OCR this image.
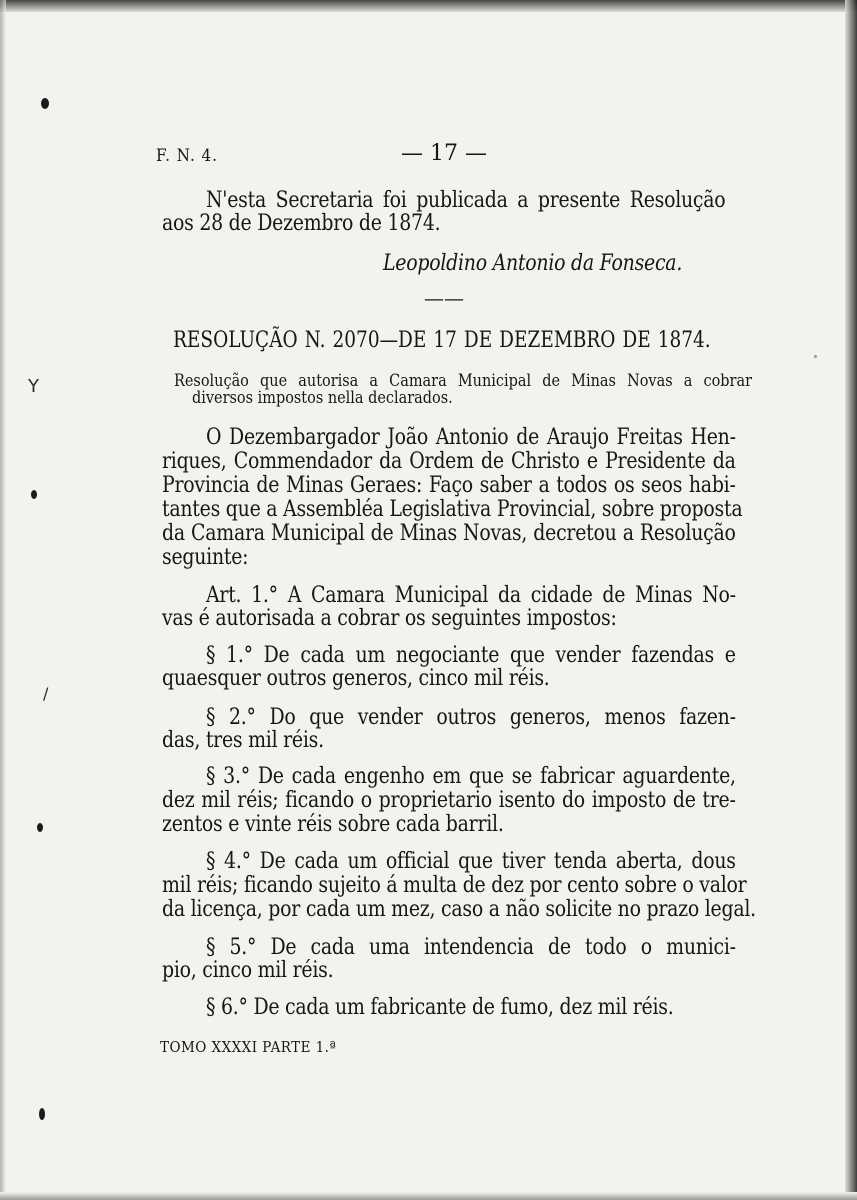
Y
/
F. N. 4.	— 17 —
N'esta Secretaria foi publicada a presente Resolução
aos 28 de Dezembro de 1874.
Leopoldino Antonio da Fonseca.
——
RESOLUÇÃO N. 2070—DE 17 DE DEZEMBRO DE 1874.
Resolução que autorisa a Camara Municipal de Minas Novas a cobrar
diversos impostos nella declarados.
O Dezembargador João Antonio de Araujo Freitas Hen-
riques, Commendador da Ordem de Christo e Presidente da
Provincia de Minas Geraes: Faço saber a todos os seos habi-
tantes que a Assembléa Legislativa Provincial, sobre proposta
da Camara Municipal de Minas Novas, decretou a Resolução
seguinte:
Art. 1.° A Camara Municipal da cidade de Minas No-
vas é autorisada a cobrar os seguintes impostos:
§ 1.° De cada um negociante que vender fazendas e
quaesquer outros generos, cinco mil réis.
§ 2.° Do que vender outros generos, menos fazen-
das, tres mil réis.
§ 3.° De cada engenho em que se fabricar aguardente,
dez mil réis; ficando o proprietario isento do imposto de tre-
zentos e vinte réis sobre cada barril.
§ 4.° De cada um official que tiver tenda aberta, dous
mil réis; ficando sujeito á multa de dez por cento sobre o valor
da licença, por cada um mez, caso a não solicite no prazo legal.
§ 5.° De cada uma intendencia de todo o munici-
pio, cinco mil réis.
§ 6.° De cada um fabricante de fumo, dez mil réis.
TOMO XXXXI PARTE 1.ª
